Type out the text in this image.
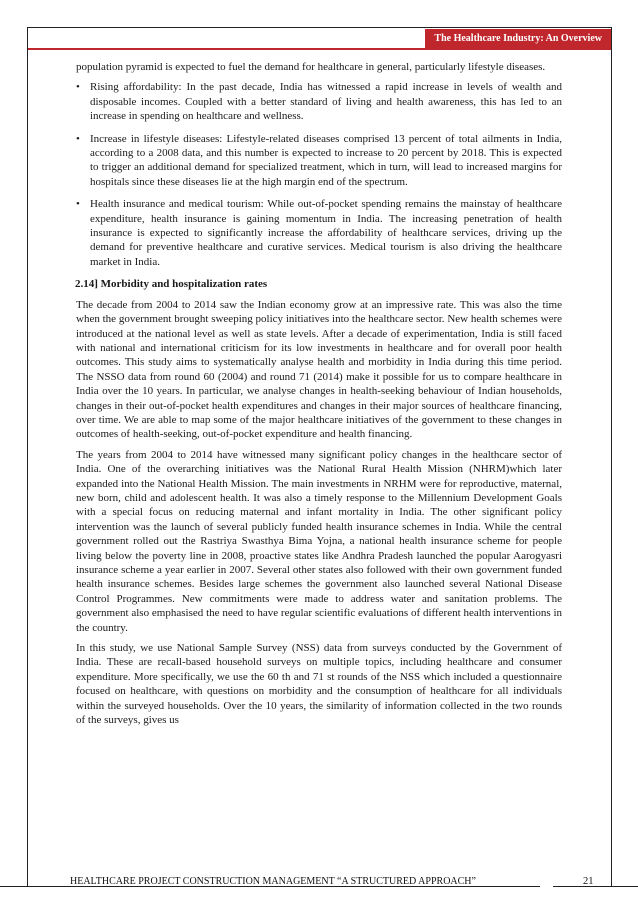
The Healthcare Industry: An Overview

population pyramid is expected to fuel the demand for healthcare in general, particularly lifestyle diseases.

• Rising affordability: In the past decade, India has witnessed a rapid increase in levels of wealth and disposable incomes. Coupled with a better standard of living and health awareness, this has led to an increase in spending on healthcare and wellness.
• Increase in lifestyle diseases: Lifestyle-related diseases comprised 13 percent of total ailments in India, according to a 2008 data, and this number is expected to increase to 20 percent by 2018. This is expected to trigger an additional demand for specialized treatment, which in turn, will lead to increased margins for hospitals since these diseases lie at the high margin end of the spectrum.
• Health insurance and medical tourism: While out-of-pocket spending remains the mainstay of healthcare expenditure, health insurance is gaining momentum in India. The increasing penetration of health insurance is expected to significantly increase the affordability of healthcare services, driving up the demand for preventive healthcare and curative services. Medical tourism is also driving the healthcare market in India.
2.14] Morbidity and hospitalization rates

The decade from 2004 to 2014 saw the Indian economy grow at an impressive rate. This was also the time when the government brought sweeping policy initiatives into the healthcare sector. New health schemes were introduced at the national level as well as state levels. After a decade of experimentation, India is still faced with national and international criticism for its low investments in healthcare and for overall poor health outcomes. This study aims to systematically analyse health and morbidity in India during this time period. The NSSO data from round 60 (2004) and round 71 (2014) make it possible for us to compare healthcare in India over the 10 years. In particular, we analyse changes in health-seeking behaviour of Indian households, changes in their out-of-pocket health expenditures and changes in their major sources of healthcare financing, over time. We are able to map some of the major healthcare initiatives of the government to these changes in outcomes of health-seeking, out-of-pocket expenditure and health financing.

The years from 2004 to 2014 have witnessed many significant policy changes in the healthcare sector of India. One of the overarching initiatives was the National Rural Health Mission (NHRM)which later expanded into the National Health Mission. The main investments in NRHM were for reproductive, maternal, new born, child and adolescent health. It was also a timely response to the Millennium Development Goals with a special focus on reducing maternal and infant mortality in India. The other significant policy intervention was the launch of several publicly funded health insurance schemes in India. While the central government rolled out the Rastriya Swasthya Bima Yojna, a national health insurance scheme for people living below the poverty line in 2008, proactive states like Andhra Pradesh launched the popular Aarogyasri insurance scheme a year earlier in 2007. Several other states also followed with their own government funded health insurance schemes. Besides large schemes the government also launched several National Disease Control Programmes. New commitments were made to address water and sanitation problems. The government also emphasised the need to have regular scientific evaluations of different health interventions in the country.

In this study, we use National Sample Survey (NSS) data from surveys conducted by the Government of India. These are recall-based household surveys on multiple topics, including healthcare and consumer expenditure. More specifically, we use the 60 th and 71 st rounds of the NSS which included a questionnaire focused on healthcare, with questions on morbidity and the consumption of healthcare for all individuals within the surveyed households. Over the 10 years, the similarity of information collected in the two rounds of the surveys, gives us

HEALTHCARE PROJECT CONSTRUCTION MANAGEMENT “A STRUCTURED APPROACH”	21
